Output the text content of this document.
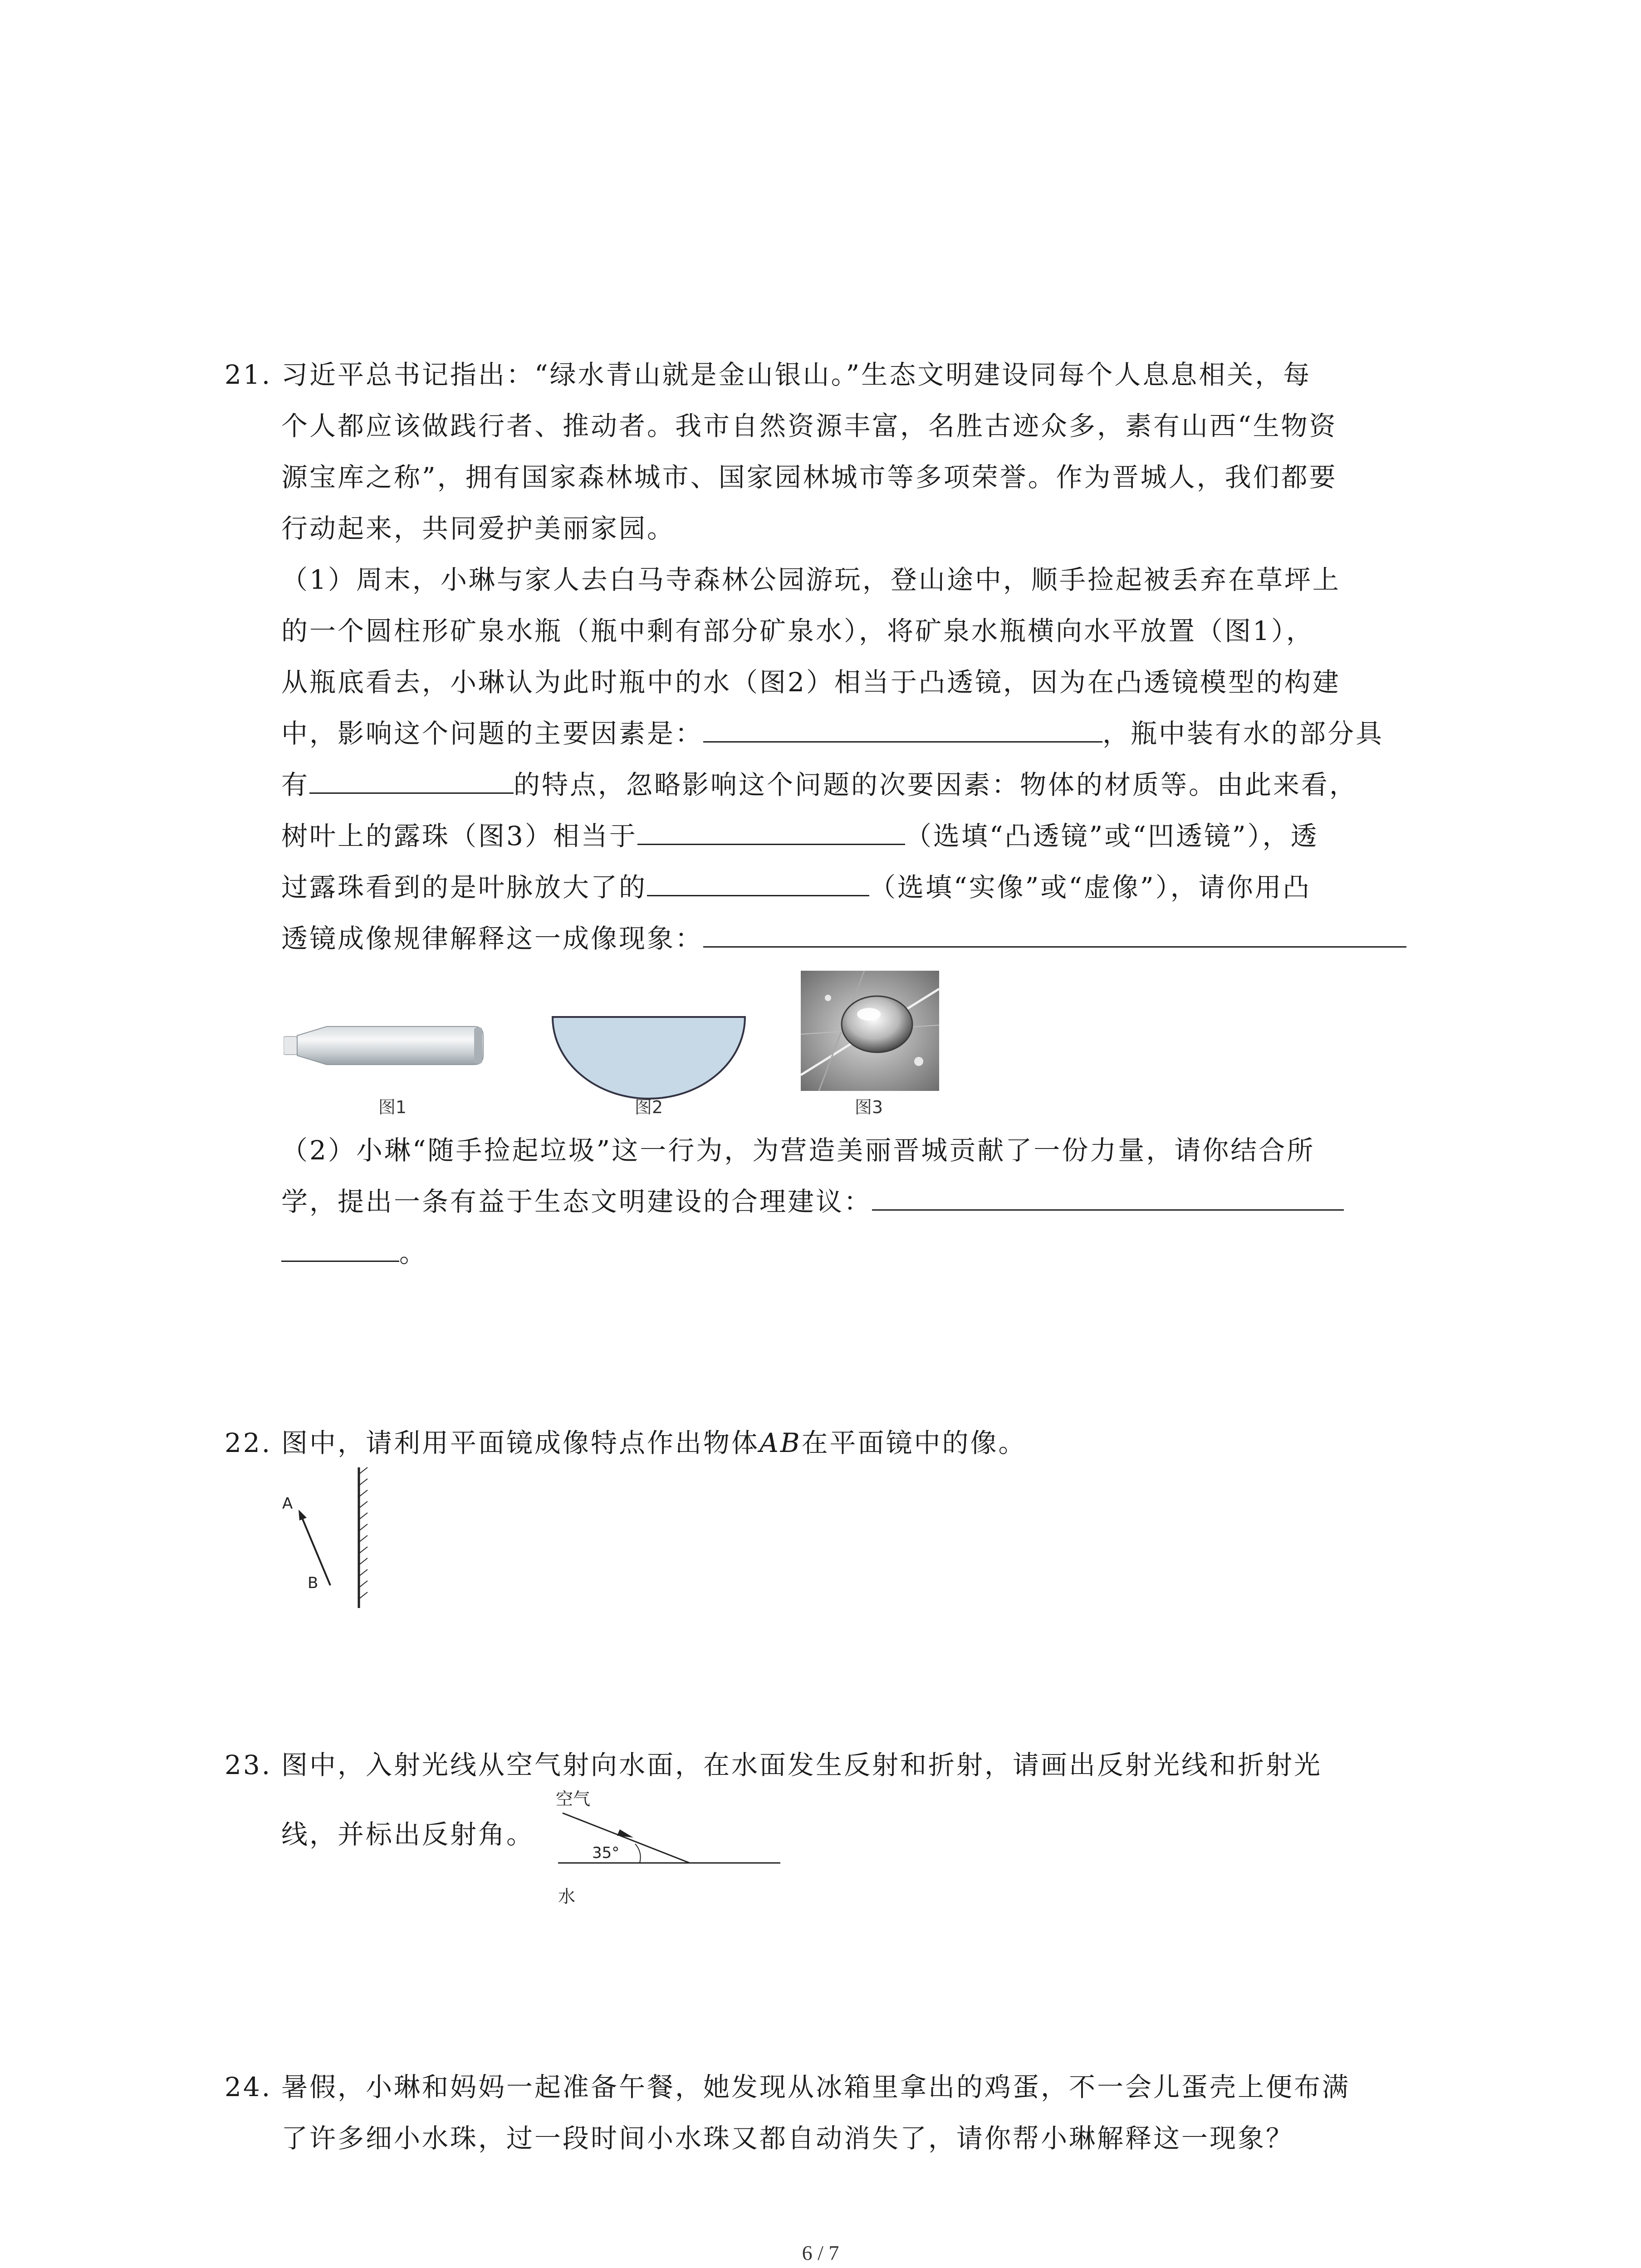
21. 习近平总书记指出：“绿水青山就是金山银山。”生态文明建设同每个人息息相关，每
个人都应该做践行者、推动者。我市自然资源丰富，名胜古迹众多，素有山西“生物资
源宝库之称”，拥有国家森林城市、国家园林城市等多项荣誉。作为晋城人，我们都要
行动起来，共同爱护美丽家园。
（1）周末，小琳与家人去白马寺森林公园游玩，登山途中，顺手捡起被丢弃在草坪上
的一个圆柱形矿泉水瓶（瓶中剩有部分矿泉水），将矿泉水瓶横向水平放置（图1），
从瓶底看去，小琳认为此时瓶中的水（图2）相当于凸透镜，因为在凸透镜模型的构建
中，影响这个问题的主要因素是：	，瓶中装有水的部分具
有	的特点，忽略影响这个问题的次要因素：物体的材质等。由此来看，
树叶上的露珠（图3）相当于	（选填“凸透镜”或“凹透镜”），透
过露珠看到的是叶脉放大了的	（选填“实像”或“虚像”），请你用凸
透镜成像规律解释这一成像现象：
图1	图2	图3
（2）小琳“随手捡起垃圾”这一行为，为营造美丽晋城贡献了一份力量，请你结合所
学，提出一条有益于生态文明建设的合理建议：
。
22. 图中，请利用平面镜成像特点作出物体AB在平面镜中的像。
A
B
23. 图中，入射光线从空气射向水面，在水面发生反射和折射，请画出反射光线和折射光
线，并标出反射角。
空气
35°
水
24. 暑假，小琳和妈妈一起准备午餐，她发现从冰箱里拿出的鸡蛋，不一会儿蛋壳上便布满
了许多细小水珠，过一段时间小水珠又都自动消失了，请你帮小琳解释这一现象？
6 / 7
